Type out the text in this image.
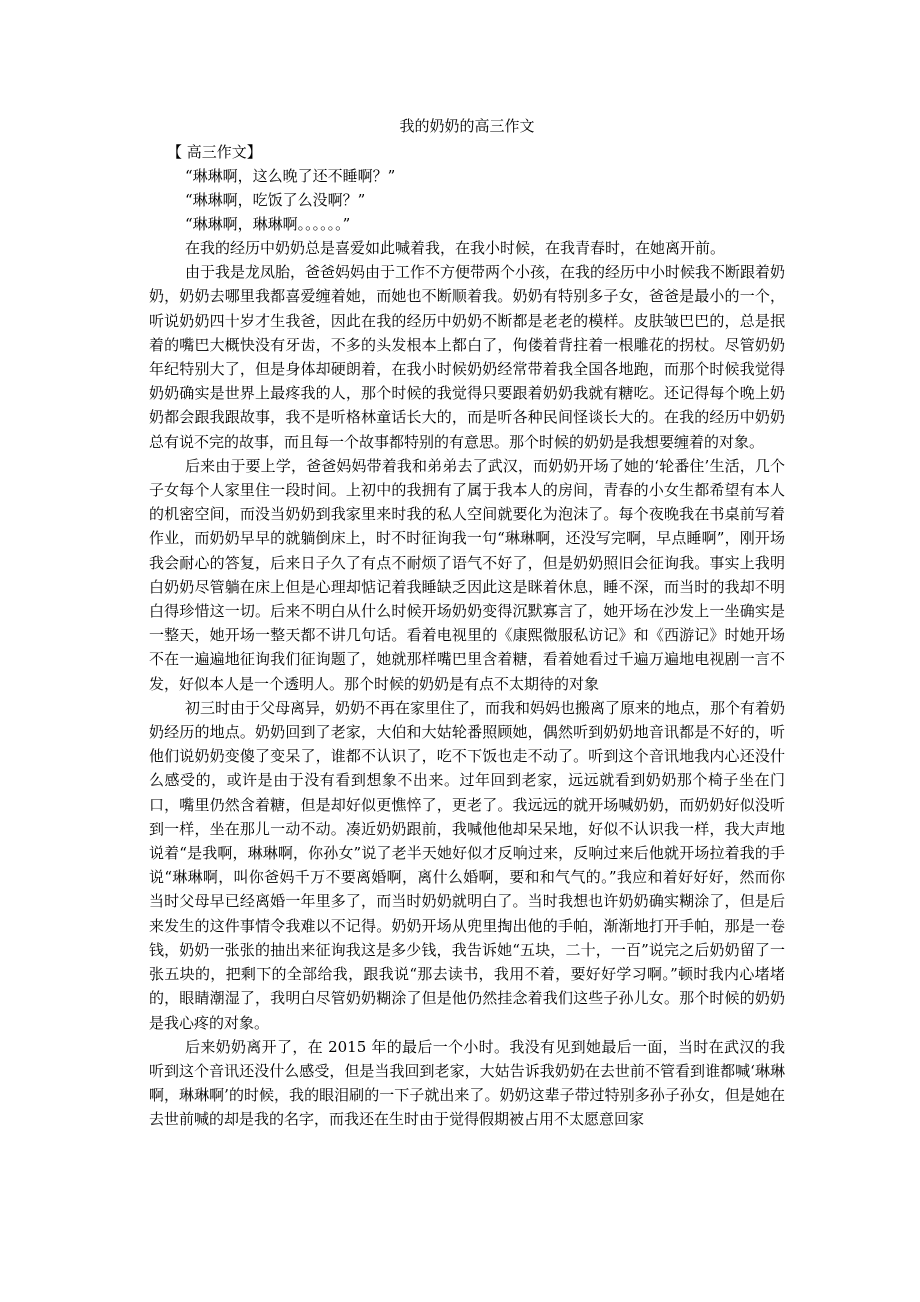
我的奶奶的高三作文

【 高三作文】

“琳琳啊，这么晚了还不睡啊？”

“琳琳啊，吃饭了么没啊？”

“琳琳啊，琳琳啊。。。。。。”

在我的经历中奶奶总是喜爱如此喊着我，在我小时候，在我青春时，在她离开前。

由于我是龙凤胎，爸爸妈妈由于工作不方便带两个小孩，在我的经历中小时候我不断跟着奶奶，奶奶去哪里我都喜爱缠着她，而她也不断顺着我。奶奶有特别多子女，爸爸是最小的一个，听说奶奶四十岁才生我爸，因此在我的经历中奶奶不断都是老老的模样。皮肤皱巴巴的，总是抿着的嘴巴大概快没有牙齿，不多的头发根本上都白了，佝偻着背拄着一根雕花的拐杖。尽管奶奶年纪特别大了，但是身体却硬朗着，在我小时候奶奶经常带着我全国各地跑，而那个时候我觉得奶奶确实是世界上最疼我的人，那个时候的我觉得只要跟着奶奶我就有糖吃。还记得每个晚上奶奶都会跟我跟故事，我不是听格林童话长大的，而是听各种民间怪谈长大的。在我的经历中奶奶总有说不完的故事，而且每一个故事都特别的有意思。那个时候的奶奶是我想要缠着的对象。

后来由于要上学，爸爸妈妈带着我和弟弟去了武汉，而奶奶开场了她的‘轮番住’生活，几个子女每个人家里住一段时间。上初中的我拥有了属于我本人的房间，青春的小女生都希望有本人的机密空间，而没当奶奶到我家里来时我的私人空间就要化为泡沫了。每个夜晚我在书桌前写着作业，而奶奶早早的就躺倒床上，时不时征询我一句“琳琳啊，还没写完啊，早点睡啊”，刚开场我会耐心的答复，后来日子久了有点不耐烦了语气不好了，但是奶奶照旧会征询我。事实上我明白奶奶尽管躺在床上但是心理却惦记着我睡缺乏因此这是眯着休息，睡不深，而当时的我却不明白得珍惜这一切。后来不明白从什么时候开场奶奶变得沉默寡言了，她开场在沙发上一坐确实是一整天，她开场一整天都不讲几句话。看着电视里的《康熙微服私访记》和《西游记》时她开场不在一遍遍地征询我们征询题了，她就那样嘴巴里含着糖，看着她看过千遍万遍地电视剧一言不发，好似本人是一个透明人。那个时候的奶奶是有点不太期待的对象

初三时由于父母离异，奶奶不再在家里住了，而我和妈妈也搬离了原来的地点，那个有着奶奶经历的地点。奶奶回到了老家，大伯和大姑轮番照顾她，偶然听到奶奶地音讯都是不好的，听他们说奶奶变傻了变呆了，谁都不认识了，吃不下饭也走不动了。听到这个音讯地我内心还没什么感受的，或许是由于没有看到想象不出来。过年回到老家，远远就看到奶奶那个椅子坐在门口，嘴里仍然含着糖，但是却好似更憔悴了，更老了。我远远的就开场喊奶奶，而奶奶好似没听到一样，坐在那儿一动不动。凑近奶奶跟前，我喊他他却呆呆地，好似不认识我一样，我大声地说着“是我啊，琳琳啊，你孙女”说了老半天她好似才反响过来，反响过来后他就开场拉着我的手说“琳琳啊，叫你爸妈千万不要离婚啊，离什么婚啊，要和和气气的。”我应和着好好好，然而你当时父母早已经离婚一年里多了，而当时奶奶就明白了。当时我想也许奶奶确实糊涂了，但是后来发生的这件事情令我难以不记得。奶奶开场从兜里掏出他的手帕，渐渐地打开手帕，那是一卷钱，奶奶一张张的抽出来征询我这是多少钱，我告诉她“五块，二十，一百”说完之后奶奶留了一张五块的，把剩下的全部给我，跟我说“那去读书，我用不着，要好好学习啊。”顿时我内心堵堵的，眼睛潮湿了，我明白尽管奶奶糊涂了但是他仍然挂念着我们这些子孙儿女。那个时候的奶奶是我心疼的对象。

后来奶奶离开了，在 2015 年的最后一个小时。我没有见到她最后一面，当时在武汉的我听到这个音讯还没什么感受，但是当我回到老家，大姑告诉我奶奶在去世前不管看到谁都喊‘琳琳啊，琳琳啊’的时候，我的眼泪刷的一下子就出来了。奶奶这辈子带过特别多孙子孙女，但是她在去世前喊的却是我的名字，而我还在生时由于觉得假期被占用不太愿意回家
